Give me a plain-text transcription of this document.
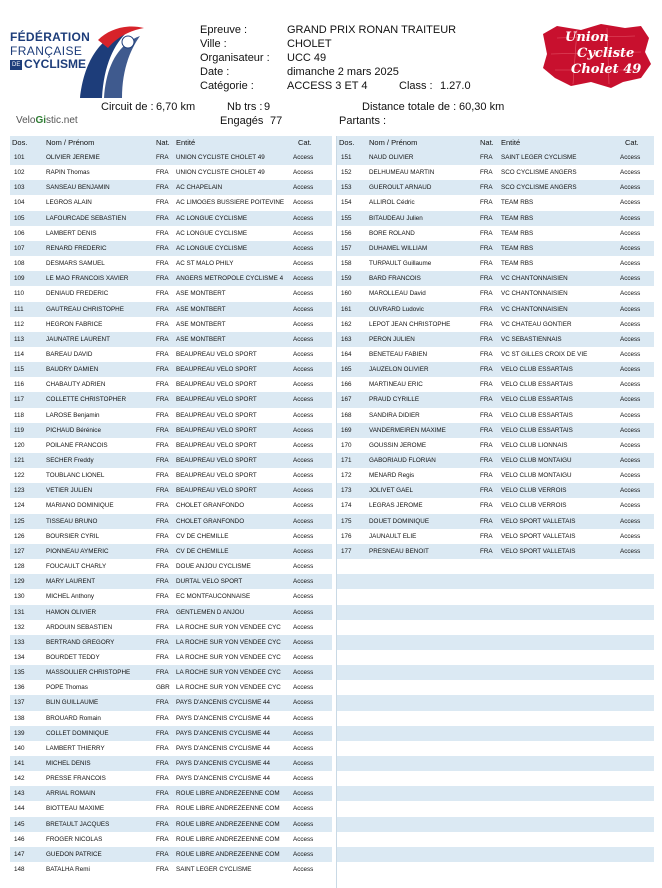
FÉDÉRATION
FRANÇAISE
DE CYCLISME
Epreuve :	GRAND PRIX RONAN TRAITEUR
Ville :	CHOLET
Organisateur : UCC 49
Date :	dimanche 2 mars 2025
Catégorie :	ACCESS 3 ET 4	Class : 1.27.0
Union
Cycliste
Cholet 49
Circuit de : 6,70 km	Nb trs : 9	Distance totale de : 60,30 km
Engagés 77	Partants :
VeloGistic.net
Dos. Nom / Prénom	Nat. Entité	Cat.	Dos. Nom / Prénom	Nat. Entité	Cat.
101	OLIVIER JEREMIE	FRA UNION CYCLISTE CHOLET 49	Access
102	RAPIN Thomas	FRA UNION CYCLISTE CHOLET 49	Access
103	SANSEAU BENJAMIN	FRA AC CHAPELAIN	Access
104	LEGROS ALAIN	FRA AC LIMOGES BUSSIERE POITEVINE	Access
105	LAFOURCADE SEBASTIEN	FRA AC LONGUE CYCLISME	Access
106	LAMBERT DENIS	FRA AC LONGUE CYCLISME	Access
107	RENARD FREDERIC	FRA AC LONGUE CYCLISME	Access
108	DESMARS SAMUEL	FRA AC ST MALO PHILY	Access
109	LE MAO FRANCOIS XAVIER	FRA ANGERS METROPOLE CYCLISME 4	Access
110	DENIAUD FREDERIC	FRA ASE MONTBERT	Access
111	GAUTREAU CHRISTOPHE	FRA ASE MONTBERT	Access
112	HEGRON FABRICE	FRA ASE MONTBERT	Access
113	JAUNATRE LAURENT	FRA ASE MONTBERT	Access
114	BAREAU DAVID	FRA BEAUPREAU VELO SPORT	Access
115	BAUDRY DAMIEN	FRA BEAUPREAU VELO SPORT	Access
116	CHABAUTY ADRIEN	FRA BEAUPREAU VELO SPORT	Access
117	COLLETTE CHRISTOPHER	FRA BEAUPREAU VELO SPORT	Access
118	LAROSE Benjamin	FRA BEAUPREAU VELO SPORT	Access
119	PICHAUD Bérénice	FRA BEAUPREAU VELO SPORT	Access
120	POILANE FRANCOIS	FRA BEAUPREAU VELO SPORT	Access
121	SECHER Freddy	FRA BEAUPREAU VELO SPORT	Access
122	TOUBLANC LIONEL	FRA BEAUPREAU VELO SPORT	Access
123	VETIER JULIEN	FRA BEAUPREAU VELO SPORT	Access
124	MARIANO DOMINIQUE	FRA CHOLET GRANFONDO	Access
125	TISSEAU BRUNO	FRA CHOLET GRANFONDO	Access
126	BOURSIER CYRIL	FRA CV DE CHEMILLE	Access
127	PIONNEAU AYMERIC	FRA CV DE CHEMILLE	Access
128	FOUCAULT CHARLY	FRA DOUE ANJOU CYCLISME	Access
129	MARY LAURENT	FRA DURTAL VELO SPORT	Access
130	MICHEL Anthony	FRA EC MONTFAUCONNAISE	Access
131	HAMON OLIVIER	FRA GENTLEMEN D ANJOU	Access
132	ARDOUIN SEBASTIEN	FRA LA ROCHE SUR YON VENDEE CYC	Access
133	BERTRAND GREGORY	FRA LA ROCHE SUR YON VENDEE CYC	Access
134	BOURDET TEDDY	FRA LA ROCHE SUR YON VENDEE CYC	Access
135	MASSOULIER CHRISTOPHE	FRA LA ROCHE SUR YON VENDEE CYC	Access
136	POPE Thomas	GBR LA ROCHE SUR YON VENDEE CYC	Access
137	BLIN GUILLAUME	FRA PAYS D'ANCENIS CYCLISME 44	Access
138	BROUARD Romain	FRA PAYS D'ANCENIS CYCLISME 44	Access
139	COLLET DOMINIQUE	FRA PAYS D'ANCENIS CYCLISME 44	Access
140	LAMBERT THIERRY	FRA PAYS D'ANCENIS CYCLISME 44	Access
141	MICHEL DENIS	FRA PAYS D'ANCENIS CYCLISME 44	Access
142	PRESSE FRANCOIS	FRA PAYS D'ANCENIS CYCLISME 44	Access
143	ARRIAL ROMAIN	FRA ROUE LIBRE ANDREZEENNE COM	Access
144	BIOTTEAU MAXIME	FRA ROUE LIBRE ANDREZEENNE COM	Access
145	BRETAULT JACQUES	FRA ROUE LIBRE ANDREZEENNE COM	Access
146	FROGER NICOLAS	FRA ROUE LIBRE ANDREZEENNE COM	Access
147	GUEDON PATRICE	FRA ROUE LIBRE ANDREZEENNE COM	Access
148	BATALHA Remi	FRA SAINT LEGER CYCLISME	Access
151	NAUD OLIVIER	FRA SAINT LEGER CYCLISME	Access
152	DELHUMEAU MARTIN	FRA SCO CYCLISME ANGERS	Access
153	GUEROULT ARNAUD	FRA SCO CYCLISME ANGERS	Access
154	ALLIROL Cédric	FRA TEAM RBS	Access
155	BITAUDEAU Julien	FRA TEAM RBS	Access
156	BORE ROLAND	FRA TEAM RBS	Access
157	DUHAMEL WILLIAM	FRA TEAM RBS	Access
158	TURPAULT Guillaume	FRA TEAM RBS	Access
159	BARD FRANCOIS	FRA VC CHANTONNAISIEN	Access
160	MAROLLEAU David	FRA VC CHANTONNAISIEN	Access
161	OUVRARD Ludovic	FRA VC CHANTONNAISIEN	Access
162	LEPOT JEAN CHRISTOPHE	FRA VC CHATEAU GONTIER	Access
163	PERON JULIEN	FRA VC SEBASTIENNAIS	Access
164	BENETEAU FABIEN	FRA VC ST GILLES CROIX DE VIE	Access
165	JAUZELON OLIVIER	FRA VELO CLUB ESSARTAIS	Access
166	MARTINEAU ERIC	FRA VELO CLUB ESSARTAIS	Access
167	PRAUD CYRILLE	FRA VELO CLUB ESSARTAIS	Access
168	SANDIRA DIDIER	FRA VELO CLUB ESSARTAIS	Access
169	VANDERMEIREN MAXIME	FRA VELO CLUB ESSARTAIS	Access
170	GOUSSIN JEROME	FRA VELO CLUB LIONNAIS	Access
171	GABORIAUD FLORIAN	FRA VELO CLUB MONTAIGU	Access
172	MENARD Regis	FRA VELO CLUB MONTAIGU	Access
173	JOLIVET GAEL	FRA VELO CLUB VERROIS	Access
174	LEGRAS JEROME	FRA VELO CLUB VERROIS	Access
175	DOUET DOMINIQUE	FRA VELO SPORT VALLETAIS	Access
176	JAUNAULT ELIE	FRA VELO SPORT VALLETAIS	Access
177	PRESNEAU BENOIT	FRA VELO SPORT VALLETAIS	Access
